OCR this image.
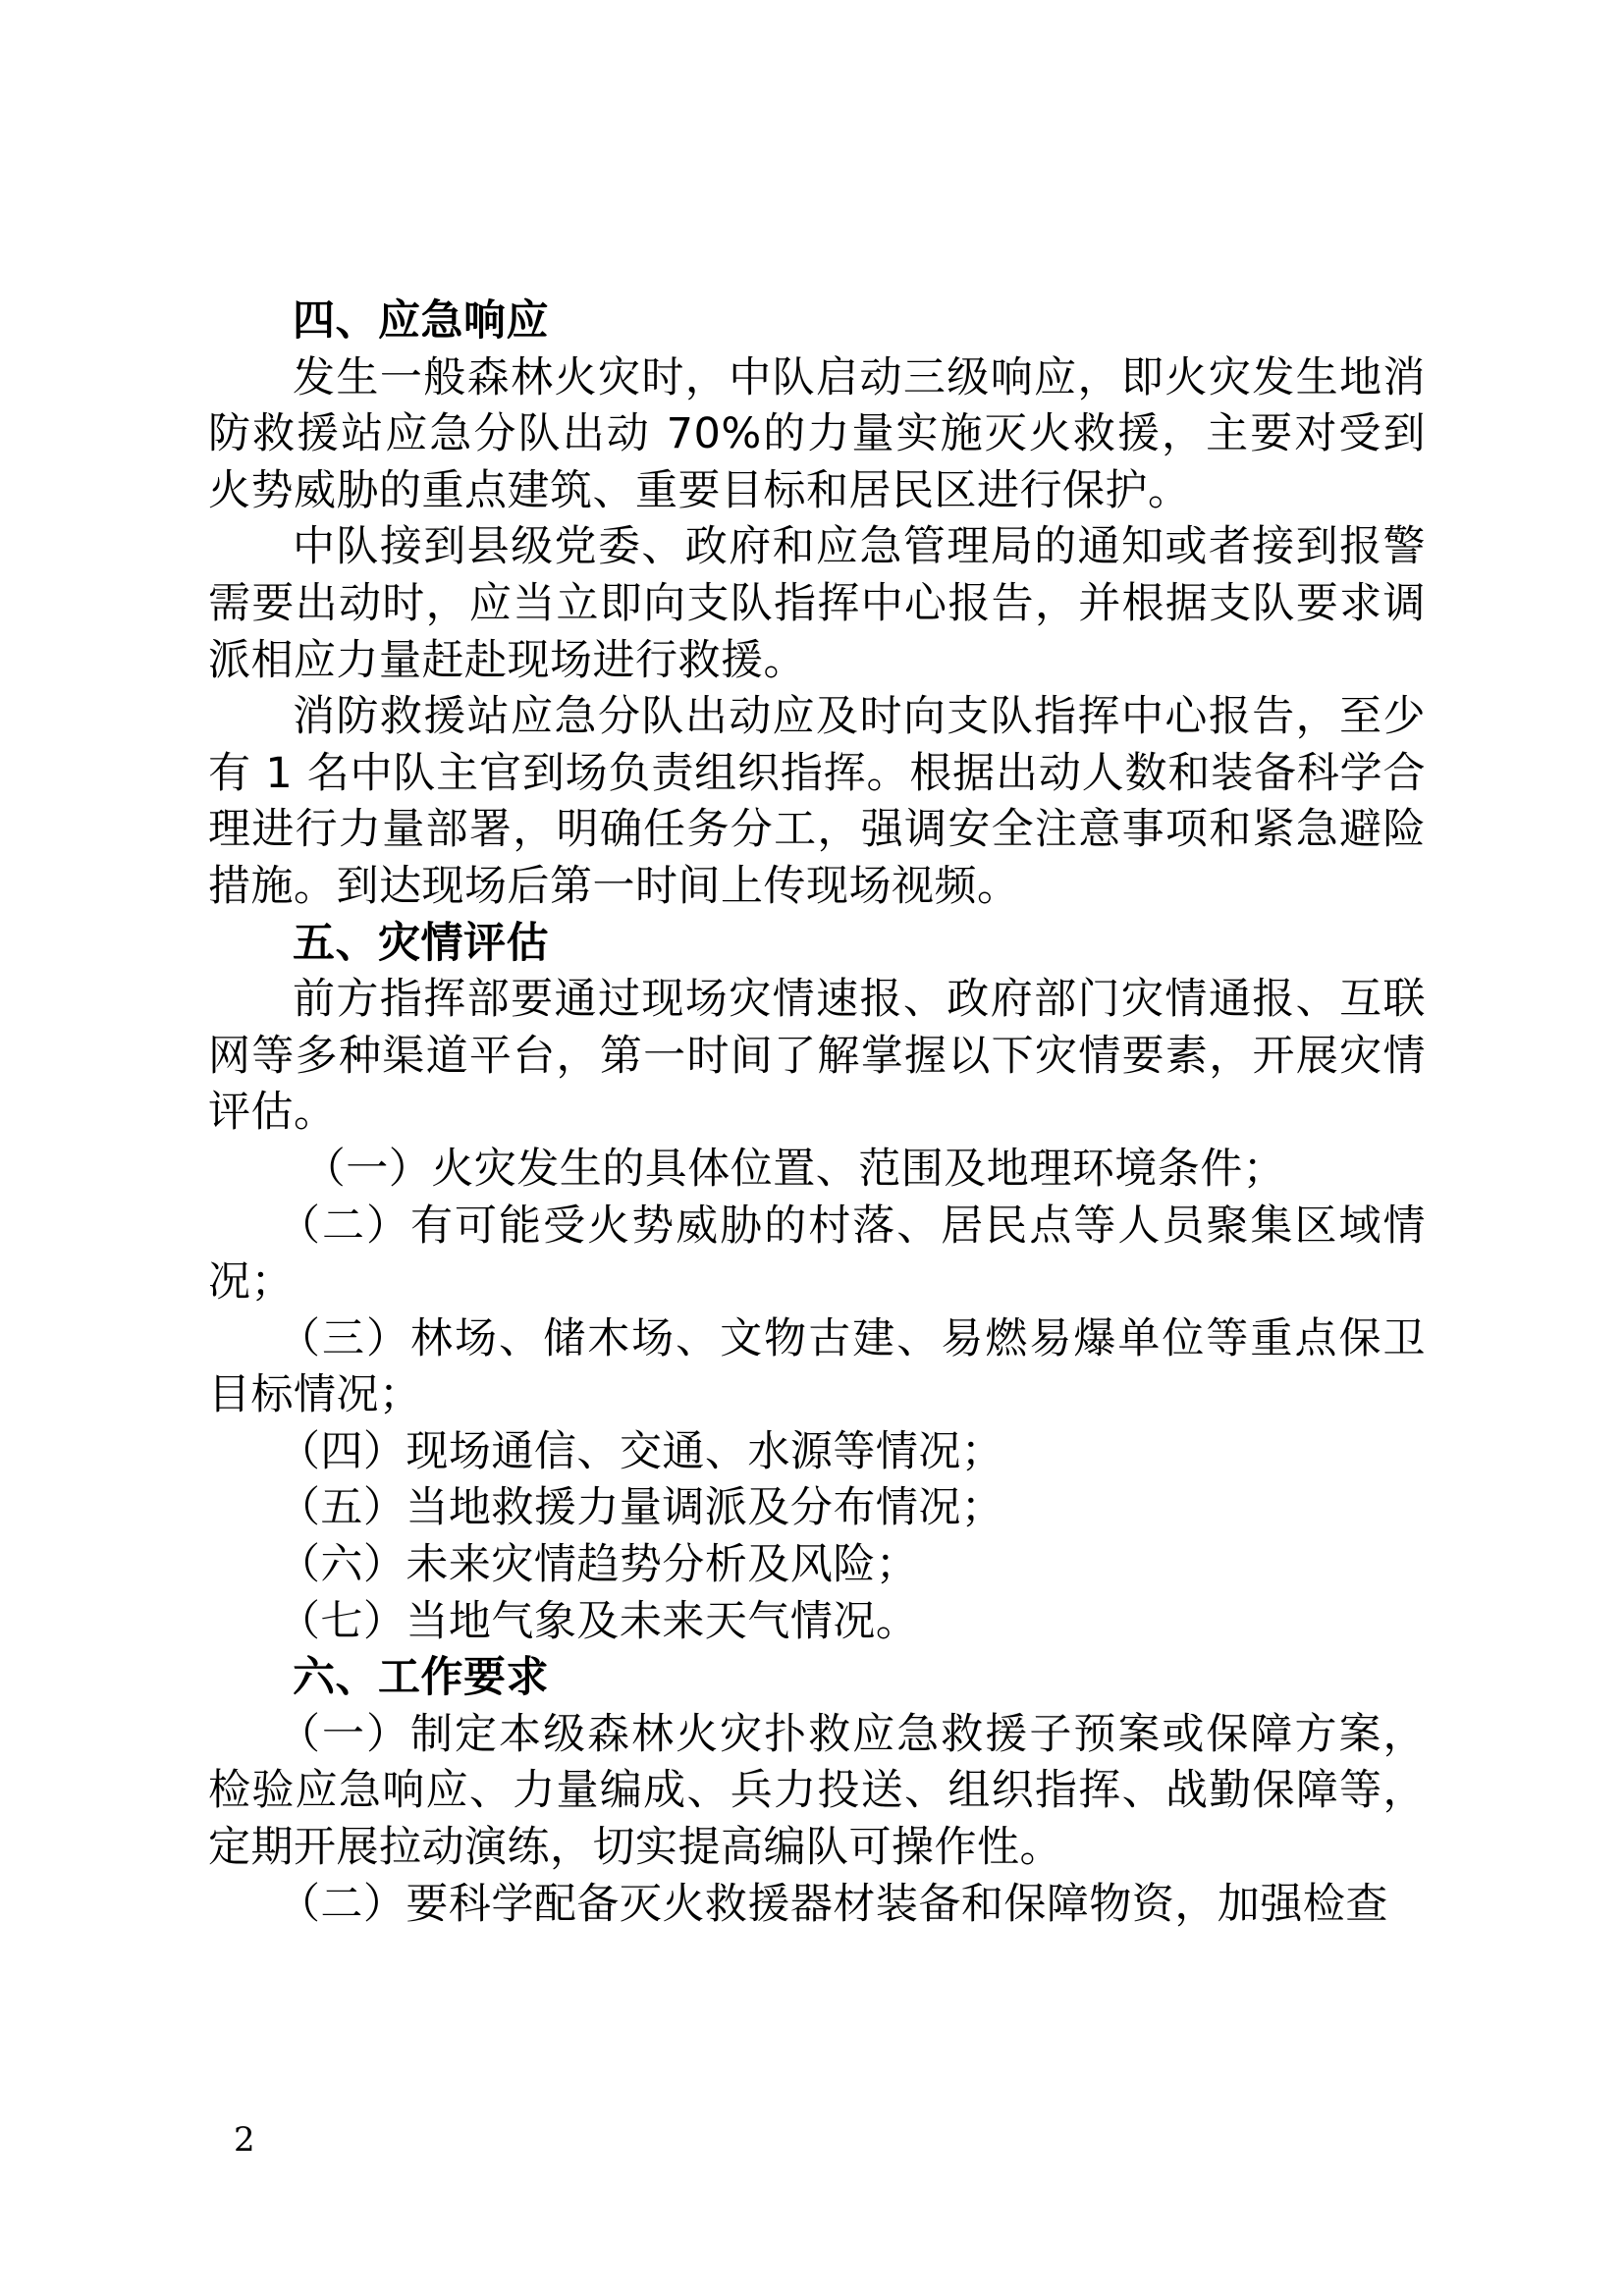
四、应急响应

发生一般森林火灾时，中队启动三级响应，即火灾发生地消防救援站应急分队出动 70%的力量实施灭火救援，主要对受到火势威胁的重点建筑、重要目标和居民区进行保护。

中队接到县级党委、政府和应急管理局的通知或者接到报警需要出动时，应当立即向支队指挥中心报告，并根据支队要求调派相应力量赶赴现场进行救援。

消防救援站应急分队出动应及时向支队指挥中心报告，至少有 1 名中队主官到场负责组织指挥。根据出动人数和装备科学合理进行力量部署，明确任务分工，强调安全注意事项和紧急避险措施。到达现场后第一时间上传现场视频。

五、灾情评估

前方指挥部要通过现场灾情速报、政府部门灾情通报、互联网等多种渠道平台，第一时间了解掌握以下灾情要素，开展灾情评估。

（一）火灾发生的具体位置、范围及地理环境条件；

（二）有可能受火势威胁的村落、居民点等人员聚集区域情况；

（三）林场、储木场、文物古建、易燃易爆单位等重点保卫目标情况；

（四）现场通信、交通、水源等情况；

（五）当地救援力量调派及分布情况；

（六）未来灾情趋势分析及风险；

（七）当地气象及未来天气情况。

六、工作要求

（一）制定本级森林火灾扑救应急救援子预案或保障方案，检验应急响应、力量编成、兵力投送、组织指挥、战勤保障等，定期开展拉动演练，切实提高编队可操作性。

（二）要科学配备灭火救援器材装备和保障物资，加强检查

2
